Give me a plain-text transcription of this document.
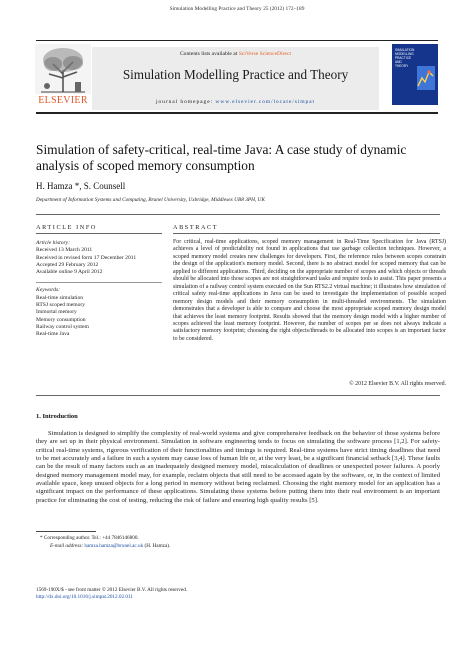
Simulation Modelling Practice and Theory 25 (2012) 172–189
ELSEVIER
Contents lists available at SciVerse ScienceDirect
Simulation Modelling Practice and Theory
journal homepage: www.elsevier.com/locate/simpat
SIMULATION
MODELLING
PRACTICE
AND
THEORY
Simulation of safety-critical, real-time Java: A case study of dynamic
analysis of scoped memory consumption
H. Hamza *, S. Counsell
Department of Information Systems and Computing, Brunel University, Uxbridge, Middlesex UB8 3PH, UK
ARTICLE INFO	ABSTRACT
Article history:
Received 13 March 2011
Received in revised form 17 December 2011
Accepted 29 February 2012
Available online 9 April 2012
Keywords:
Real-time simulation
RTSJ scoped memory
Immortal memory
Memory consumption
Railway control system
Real-time Java
For critical, real-time applications, scoped memory management in Real-Time Specification for Java (RTSJ) achieves a level of predictability not found in applications that use garbage collection techniques. However, a scoped memory model creates new challenges for developers. First, the reference rules between scopes constrain the design of the application's memory model. Second, there is no abstract model for scoped memory that can be applied to different applications. Third, deciding on the appropriate number of scopes and which objects or threads should be allocated into those scopes are not straightforward tasks and require tools to assist. This paper presents a simulation of a railway control system executed on the Sun RTS2.2 virtual machine; it illustrates how simulation of critical safety real-time applications in Java can be used to investigate the implementation of possible scoped memory design models and their memory consumption in multi-threaded environments. The simulation demonstrates that a developer is able to compare and choose the most appropriate scoped memory design model that achieves the least memory footprint. Results showed that the memory design model with a higher number of scopes achieved the least memory footprint. However, the number of scopes per se does not always indicate a satisfactory memory footprint; choosing the right objects/threads to be allocated into scopes is an important factor to be considered.
© 2012 Elsevier B.V. All rights reserved.
1. Introduction

Simulation is designed to simplify the complexity of real-world systems and give comprehensive feedback on the behavior of those systems before they are set up in their physical environment. Simulation in software engineering tends to focus on simulating the software process [1,2]. For safety-critical real-time systems, rigorous verification of their functionalities and timings is required. Real-time systems have strict timing deadlines that need to be met accurately and a failure in such a system may cause loss of human life or, at the very least, be a significant financial setback [3,4]. These faults can be the result of many factors such as an inadequately designed memory model, miscalculation of deadlines or unexpected power failures. A poorly designed memory management model may, for example, reclaim objects that still need to be accessed again by the software, or, in the context of limited available space, keep unused objects for a long period in memory without being reclaimed. Choosing the right memory model for an application has a significant impact on the performance of these applications. Simulating these systems before putting them into their real environment is an important practice for eliminating the cost of testing, reducing the risk of failure and ensuring high quality results [5].

* Corresponding author. Tel.: +44 7846146800.
E-mail address: hamza.hamza@brunel.ac.uk (H. Hamza).
1569-190X/$ - see front matter © 2012 Elsevier B.V. All rights reserved.
http://dx.doi.org/10.1016/j.simpat.2012.02.011
